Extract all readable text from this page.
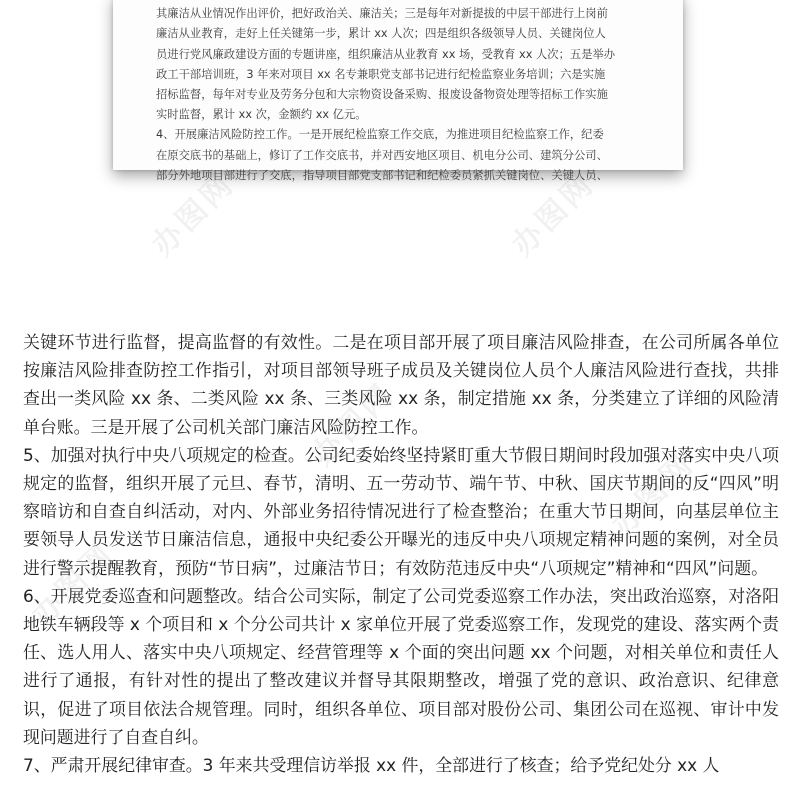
其廉洁从业情况作出评价，把好政治关、廉洁关；三是每年对新提拔的中层干部进行上岗前

廉洁从业教育，走好上任关键第一步，累计 xx 人次；四是组织各级领导人员、关键岗位人

员进行党风廉政建设方面的专题讲座，组织廉洁从业教育 xx 场，受教育 xx 人次；五是举办

政工干部培训班，3 年来对项目 xx 名专兼职党支部书记进行纪检监察业务培训；六是实施

招标监督，每年对专业及劳务分包和大宗物资设备采购、报废设备物资处理等招标工作实施

实时监督，累计 xx 次，金额约 xx 亿元。

4、开展廉洁风险防控工作。一是开展纪检监察工作交底，为推进项目纪检监察工作，纪委

在原交底书的基础上，修订了工作交底书，并对西安地区项目、机电分公司、建筑分公司、

部分外地项目部进行了交底，指导项目部党支部书记和纪检委员紧抓关键岗位、关键人员、

办图网
办图网
办图网

关键环节进行监督，提高监督的有效性。二是在项目部开展了项目廉洁风险排查，在公司所属各单位按廉洁风险排查防控工作指引，对项目部领导班子成员及关键岗位人员个人廉洁风险进行查找，共排查出一类风险 xx 条、二类风险 xx 条、三类风险 xx 条，制定措施 xx 条，分类建立了详细的风险清单台账。三是开展了公司机关部门廉洁风险防控工作。

5、加强对执行中央八项规定的检查。公司纪委始终坚持紧盯重大节假日期间时段加强对落实中央八项规定的监督，组织开展了元旦、春节，清明、五一劳动节、端午节、中秋、国庆节期间的反“四风”明察暗访和自查自纠活动，对内、外部业务招待情况进行了检查整治；在重大节日期间，向基层单位主要领导人员发送节日廉洁信息，通报中央纪委公开曝光的违反中央八项规定精神问题的案例，对全员进行警示提醒教育，预防“节日病”，过廉洁节日；有效防范违反中央“八项规定”精神和“四风”问题。

6、开展党委巡查和问题整改。结合公司实际，制定了公司党委巡察工作办法，突出政治巡察，对洛阳地铁车辆段等 x 个项目和 x 个分公司共计 x 家单位开展了党委巡察工作，发现党的建设、落实两个责任、选人用人、落实中央八项规定、经营管理等 x 个面的突出问题 xx 个问题，对相关单位和责任人进行了通报，有针对性的提出了整改建议并督导其限期整改，增强了党的意识、政治意识、纪律意识，促进了项目依法合规管理。同时，组织各单位、项目部对股份公司、集团公司在巡视、审计中发现问题进行了自查自纠。

7、严肃开展纪律审查。3 年来共受理信访举报 xx 件，全部进行了核查；给予党纪处分 xx 人
